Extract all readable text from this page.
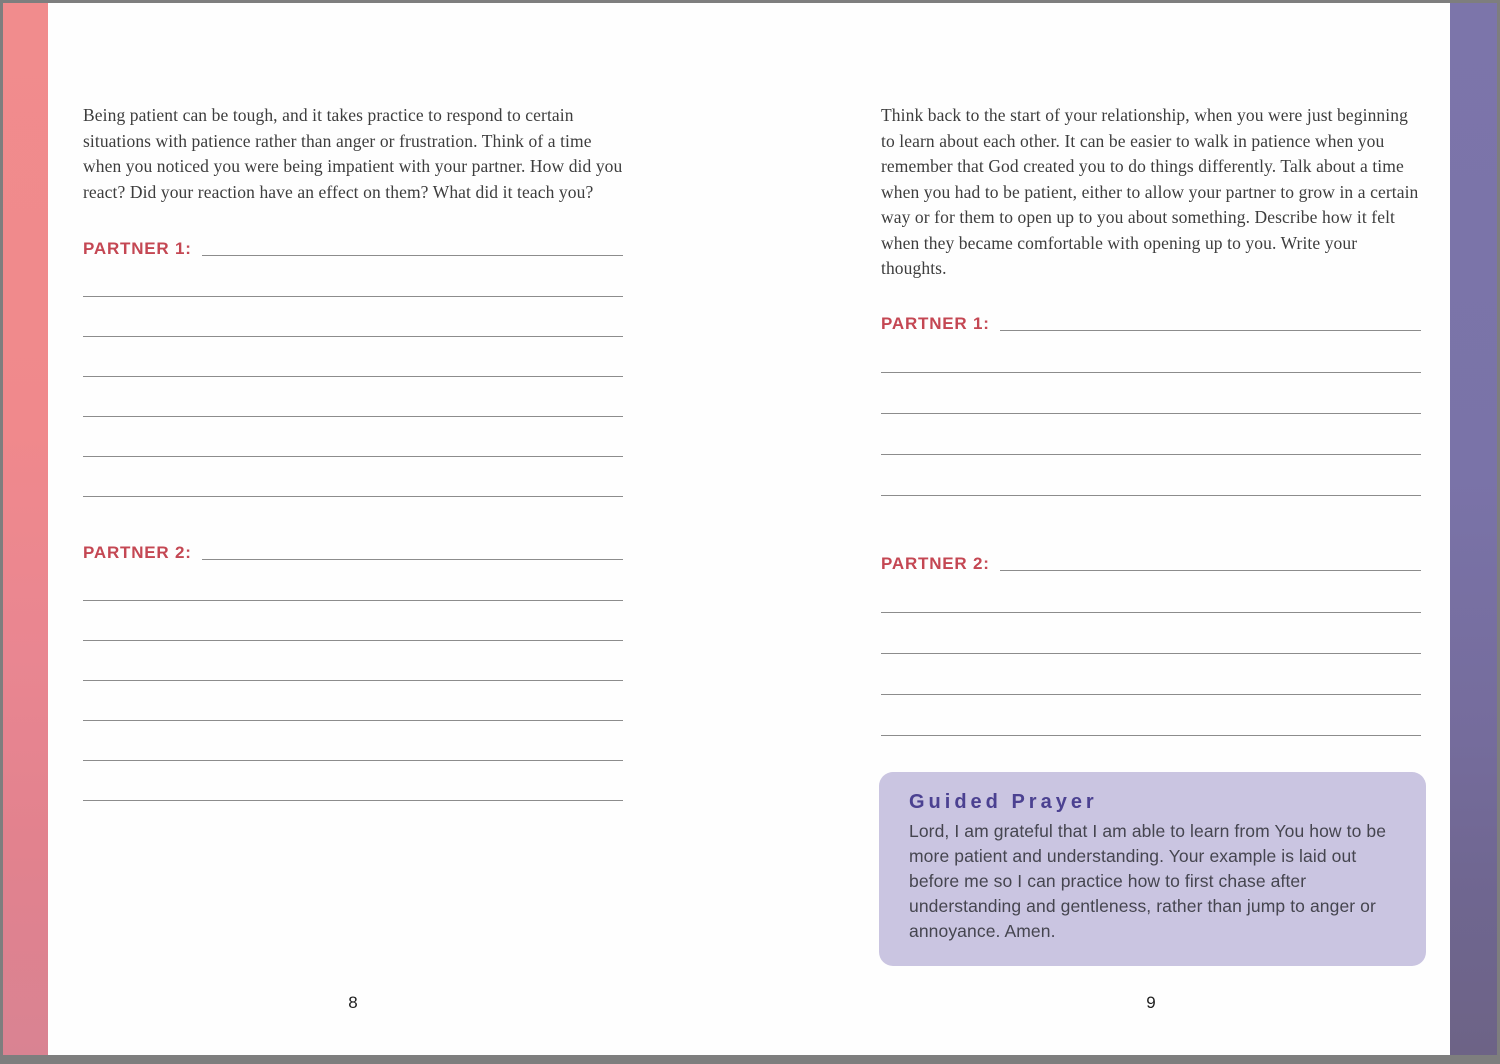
Being patient can be tough, and it takes practice to respond to certain situations with patience rather than anger or frustration. Think of a time when you noticed you were being impatient with your partner. How did you react? Did your reaction have an effect on them? What did it teach you?

PARTNER 1:
PARTNER 2:

Think back to the start of your relationship, when you were just beginning to learn about each other. It can be easier to walk in patience when you remember that God created you to do things differently. Talk about a time when you had to be patient, either to allow your partner to grow in a certain way or for them to open up to you about something. Describe how it felt when they became comfortable with opening up to you. Write your thoughts.

PARTNER 1:
PARTNER 2:
Guided Prayer
Lord, I am grateful that I am able to learn from You how to be more patient and understanding. Your example is laid out before me so I can practice how to first chase after understanding and gentleness, rather than jump to anger or annoyance. Amen.
8	9
